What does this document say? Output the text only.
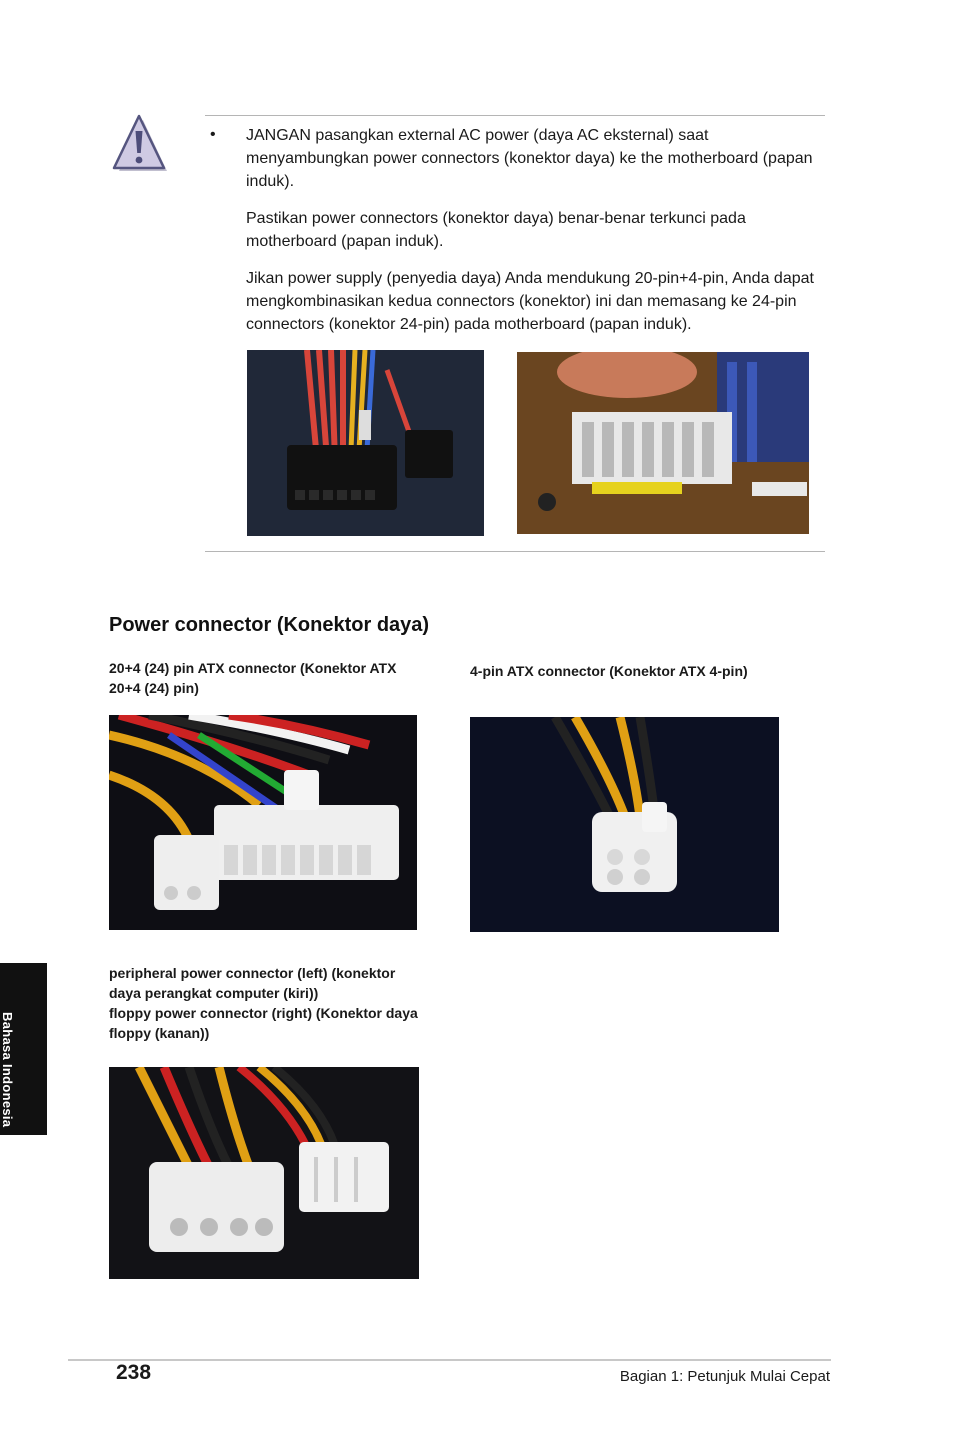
• JANGAN pasangkan external AC power (daya AC eksternal) saat menyambungkan power connectors (konektor daya) ke the motherboard (papan induk).

Pastikan power connectors (konektor daya) benar-benar terkunci pada motherboard (papan induk).

Jikan power supply (penyedia daya) Anda mendukung 20-pin+4-pin, Anda dapat mengkombinasikan kedua connectors (konektor) ini dan memasang ke 24-pin connectors (konektor 24-pin) pada motherboard (papan induk).

Power connector (Konektor daya)

20+4 (24) pin ATX connector (Konektor ATX 20+4 (24) pin)

4-pin ATX connector (Konektor ATX 4-pin)

peripheral power connector (left) (konektor daya perangkat computer (kiri))

floppy power connector (right) (Konektor daya floppy (kanan))

Bahasa Indonesia
238	Bagian 1: Petunjuk Mulai Cepat
